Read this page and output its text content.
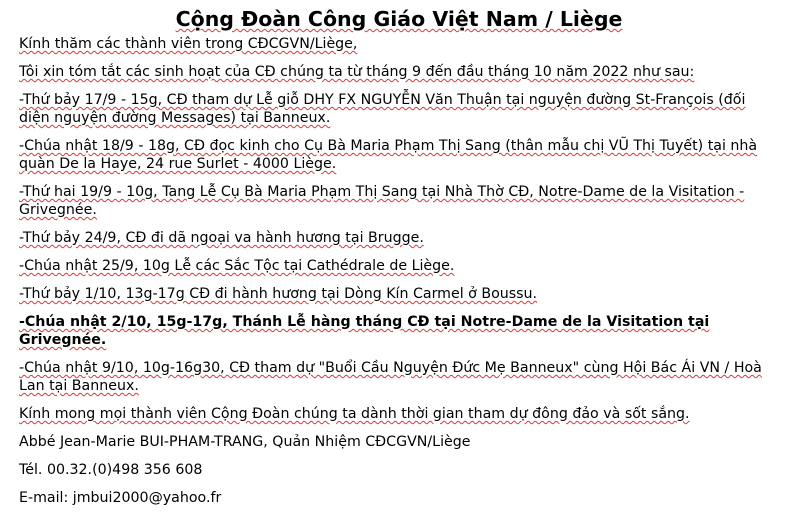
Cộng Đoàn Công Giáo Việt Nam / Liège

Kính thăm các thành viên trong CĐCGVN/Liège,

Tôi xin tóm tắt các sinh hoạt của CĐ chúng ta từ tháng 9 đến đầu tháng 10 năm 2022 như sau:

-Thứ bảy 17/9 - 15g, CĐ tham dự Lễ giỗ DHY FX NGUYỄN Văn Thuận tại nguyện đường St-François (đối diện nguyện đường Messages) tại Banneux.

-Chúa nhật 18/9 - 18g, CĐ đọc kinh cho Cụ Bà Maria Phạm Thị Sang (thân mẫu chị VŨ Thị Tuyết) tại nhà quàn De la Haye, 24 rue Surlet - 4000 Liège.

-Thứ hai 19/9 - 10g, Tang Lễ Cụ Bà Maria Phạm Thị Sang tại Nhà Thờ CĐ, Notre-Dame de la Visitation - Grivegnée.

-Thứ bảy 24/9, CĐ đi dã ngoại va hành hương tại Brugge.

-Chúa nhật 25/9, 10g Lễ các Sắc Tộc tại Cathédrale de Liège.

-Thứ bảy 1/10, 13g-17g CĐ đi hành hương tại Dòng Kín Carmel ở Boussu.

-Chúa nhật 2/10, 15g-17g, Thánh Lễ hàng tháng CĐ tại Notre-Dame de la Visitation tại Grivegnée.

-Chúa nhật 9/10, 10g-16g30, CĐ tham dự "Buổi Cầu Nguyện Đức Mẹ Banneux" cùng Hội Bác Ái VN / Hoà Lan tại Banneux.

Kính mong mọi thành viên Cộng Đoàn chúng ta dành thời gian tham dự đông đảo và sốt sắng.

Abbé Jean-Marie BUI-PHAM-TRANG, Quản Nhiệm CĐCGVN/Liège

Tél. 00.32.(0)498 356 608

E-mail: jmbui2000@yahoo.fr
